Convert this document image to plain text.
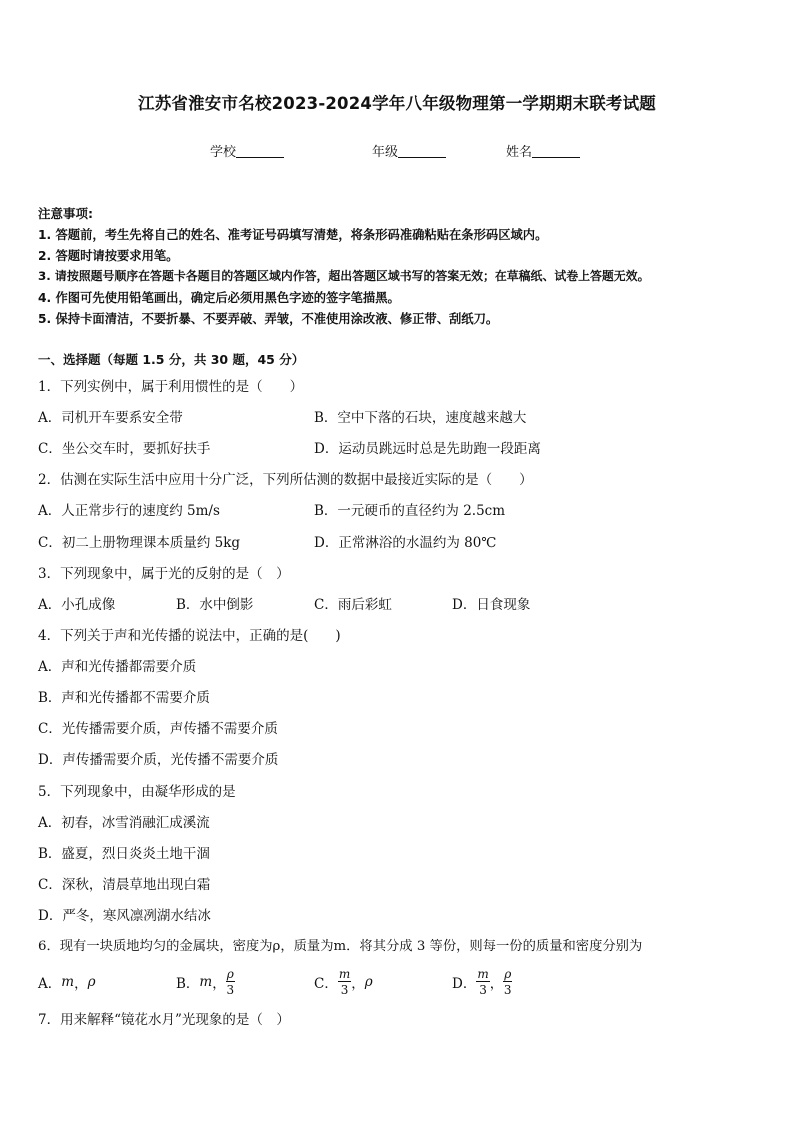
江苏省淮安市名校2023-2024学年八年级物理第一学期期末联考试题
学校	年级	姓名
注意事项:
1. 答题前，考生先将自己的姓名、准考证号码填写清楚，将条形码准确粘贴在条形码区域内。
2. 答题时请按要求用笔。
3. 请按照题号顺序在答题卡各题目的答题区域内作答，超出答题区域书写的答案无效；在草稿纸、试卷上答题无效。
4. 作图可先使用铅笔画出，确定后必须用黑色字迹的签字笔描黑。
5. 保持卡面清洁，不要折暴、不要弄破、弄皱，不准使用涂改液、修正带、刮纸刀。
一、选择题（每题 1.5 分，共 30 题，45 分）
1．下列实例中，属于利用惯性的是（　　）
A．司机开车要系安全带	B．空中下落的石块，速度越来越大
C．坐公交车时，要抓好扶手	D．运动员跳远时总是先助跑一段距离
2．估测在实际生活中应用十分广泛，下列所估测的数据中最接近实际的是（　　）
A．人正常步行的速度约 5m/s	B．一元硬币的直径约为 2.5cm
C．初二上册物理课本质量约 5kg	D．正常淋浴的水温约为 80℃
3．下列现象中，属于光的反射的是（　）
A．小孔成像	B．水中倒影	C．雨后彩虹	D．日食现象
4．下列关于声和光传播的说法中，正确的是(　　)
A．声和光传播都需要介质
B．声和光传播都不需要介质
C．光传播需要介质，声传播不需要介质
D．声传播需要介质，光传播不需要介质
5．下列现象中，由凝华形成的是
A．初春，冰雪消融汇成溪流
B．盛夏，烈日炎炎土地干涸
C．深秋，清晨草地出现白霜
D．严冬，寒风凛冽湖水结冰
6．现有一块质地均匀的金属块，密度为ρ，质量为m．将其分成 3 等份，则每一份的质量和密度分别为
A． m ， ρ	B． m ， $\frac{\rho}{3}$	C． $\frac{m}{3}$ ， ρ	D． $\frac{m}{3}$ ， $\frac{\rho}{3}$
7．用来解释“镜花水月”光现象的是（　）
